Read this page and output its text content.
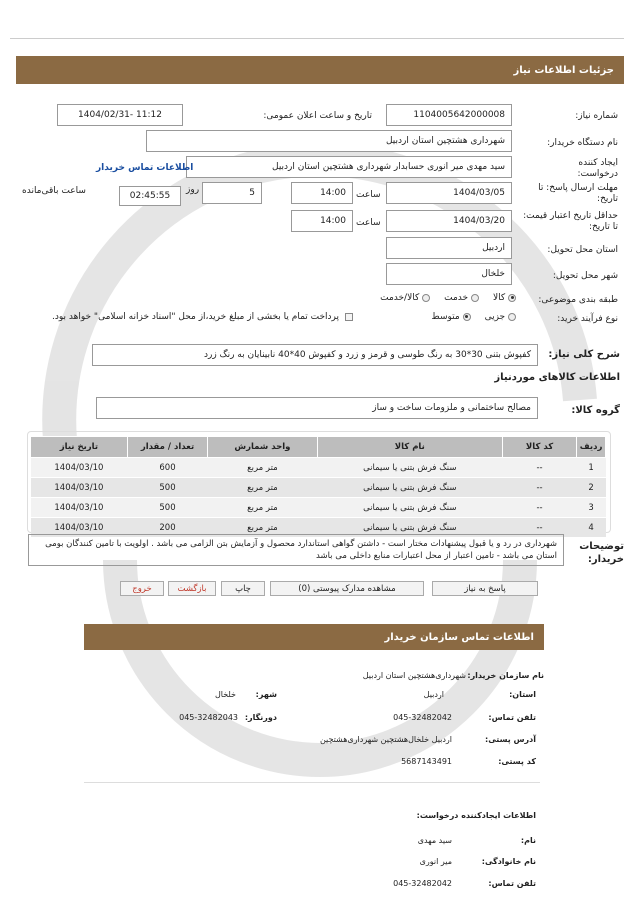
جزئیات اطلاعات نیاز
شماره نیاز:
1104005642000008
تاریخ و ساعت اعلان عمومی:
1404/02/31- 11:12
نام دستگاه خریدار:
شهرداری هشتچین استان اردبیل
ایجاد کننده درخواست:
سید مهدی میر انوری حسابدار شهرداری هشتچین استان اردبیل
اطلاعات تماس خریدار
مهلت ارسال پاسخ: تا تاریخ:
1404/03/05
ساعت
14:00
5
روز
02:45:55
ساعت باقی‌مانده
حداقل تاریخ اعتبار قیمت: تا تاریخ:
1404/03/20
ساعت
14:00
استان محل تحویل:
اردبیل
شهر محل تحویل:
خلخال
طبقه بندی موضوعی:
کالا
خدمت
کالا/خدمت
نوع فرآیند خرید:
جزیی
متوسط
پرداخت تمام یا بخشی از مبلغ خرید،از محل "اسناد خزانه اسلامی" خواهد بود.
شرح کلی نیاز:
کفپوش بتنی 30*30 به رنگ طوسی و قرمز و زرد و کفپوش 40*40 نابینایان به رنگ زرد
اطلاعات کالاهای موردنیاز
گروه کالا:
مصالح ساختمانی و ملزومات ساخت و ساز
ردیف	کد کالا	نام کالا	واحد شمارش	تعداد / مقدار	تاریخ نیاز
1	--	سنگ فرش بتنی یا سیمانی	متر مربع	600	1404/03/10
2	--	سنگ فرش بتنی یا سیمانی	متر مربع	500	1404/03/10
3	--	سنگ فرش بتنی یا سیمانی	متر مربع	500	1404/03/10
4	--	سنگ فرش بتنی یا سیمانی	متر مربع	200	1404/03/10
توضیحات خریدار:
شهرداری در رد و یا قبول پیشنهادات مختار است - داشتن گواهی استاندارد محصول و آزمایش بتن الزامی می باشد . اولویت با تامین کنندگان بومی استان می باشد - تامین اعتبار از محل اعتبارات منابع داخلی می باشد
پاسخ به نیاز
مشاهده مدارک پیوستی (0)
چاپ
بازگشت
خروج
اطلاعات تماس سازمان خریدار
نام سازمان خریدار:
شهرداری‌هشتچین استان اردبیل
استان:
اردبیل
شهر:
خلخال
تلفن تماس:
045-32482042
دورنگار:
045-32482043
آدرس پستی:
اردبیل خلخال‌هشتچین شهرداری‌هشتچین
کد پستی:
5687143491
اطلاعات ایجادکننده درخواست:
نام:
سید مهدی
نام خانوادگی:
میر انوری
تلفن تماس:
045-32482042
